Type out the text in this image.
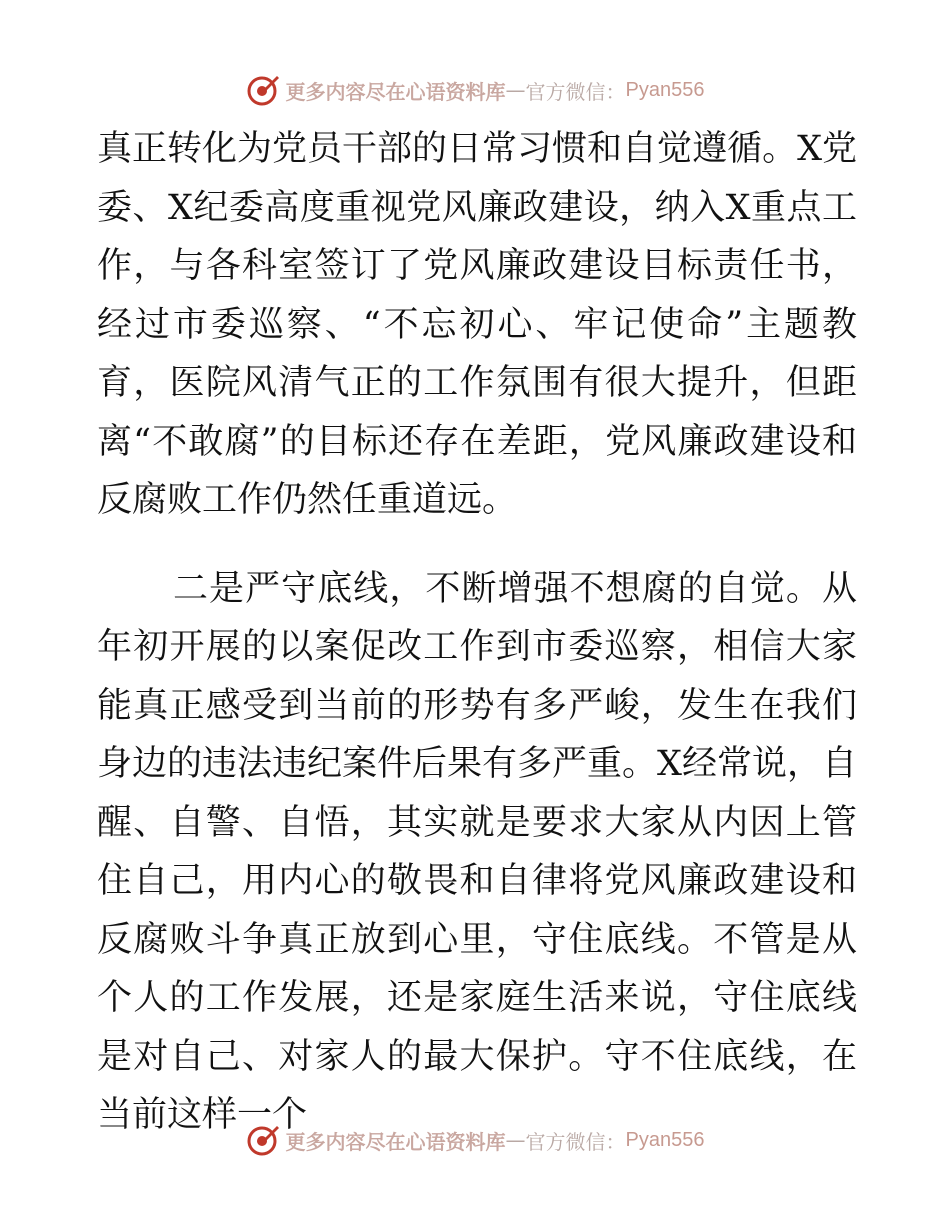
更多内容尽在心语资料库 — 官方微信： Pyan556

真正转化为党员干部的日常习惯和自觉遵循。X党委、X纪委高度重视党风廉政建设，纳入X重点工作，与各科室签订了党风廉政建设目标责任书，经过市委巡察、“不忘初心、牢记使命”主题教育，医院风清气正的工作氛围有很大提升，但距离“不敢腐”的目标还存在差距，党风廉政建设和反腐败工作仍然任重道远。

二是严守底线，不断增强不想腐的自觉。从年初开展的以案促改工作到市委巡察，相信大家能真正感受到当前的形势有多严峻，发生在我们身边的违法违纪案件后果有多严重。X经常说，自醒、自警、自悟，其实就是要求大家从内因上管住自己，用内心的敬畏和自律将党风廉政建设和反腐败斗争真正放到心里，守住底线。不管是从个人的工作发展，还是家庭生活来说，守住底线是对自己、对家人的最大保护。守不住底线，在当前这样一个

更多内容尽在心语资料库 — 官方微信： Pyan556
